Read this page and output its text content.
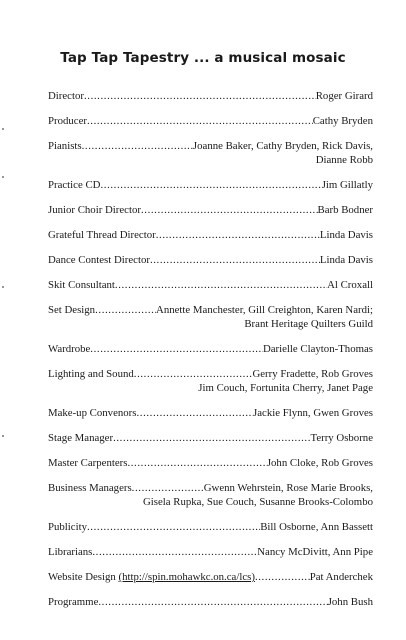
Tap Tap Tapestry ... a musical mosaic
Director .....	Roger Girard
Producer .....	Cathy Bryden
Pianists .....	Joanne Baker, Cathy Bryden, Rick Davis,
Dianne Robb
Practice CD .....	Jim Gillatly
Junior Choir Director .....	Barb Bodner
Grateful Thread Director .....	Linda Davis
Dance Contest Director .....	Linda Davis
Skit Consultant .....	Al Croxall
Set Design .....	Annette Manchester, Gill Creighton, Karen Nardi;
Brant Heritage Quilters Guild
Wardrobe .....	Darielle Clayton-Thomas
Lighting and Sound .....	Gerry Fradette, Rob Groves
Jim Couch, Fortunita Cherry, Janet Page
Make-up Convenors .....	Jackie Flynn, Gwen Groves
Stage Manager .....	Terry Osborne
Master Carpenters .....	John Cloke, Rob Groves
Business Managers .....	Gwenn Wehrstein, Rose Marie Brooks,
Gisela Rupka, Sue Couch, Susanne Brooks-Colombo
Publicity .....	Bill Osborne, Ann Bassett
Librarians .....	Nancy McDivitt, Ann Pipe
Website Design
(http://spin.mohawkc.on.ca/lcs) .....	Pat Anderchek
Programme .....	John Bush
